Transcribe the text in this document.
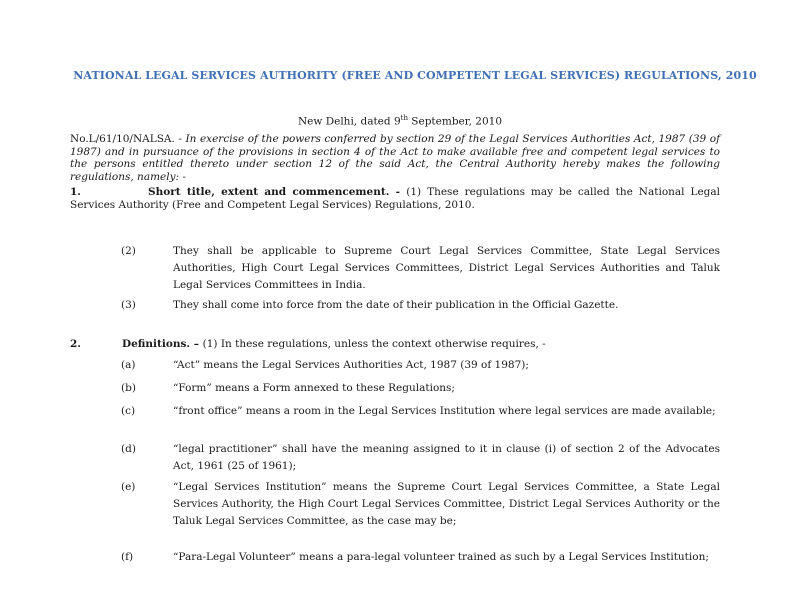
NATIONAL LEGAL SERVICES AUTHORITY (FREE AND COMPETENT LEGAL SERVICES) REGULATIONS, 2010
New Delhi, dated 9th September, 2010
No.L/61/10/NALSA. - In exercise of the powers conferred by section 29 of the Legal Services Authorities Act, 1987 (39 of 1987) and in pursuance of the provisions in section 4 of the Act to make available free and competent legal services to the persons entitled thereto under section 12 of the said Act, the Central Authority hereby makes the following regulations, namely: -
1.	Short title, extent and commencement. - (1) These regulations may be called the National Legal Services Authority (Free and Competent Legal Services) Regulations, 2010.
(2)	They shall be applicable to Supreme Court Legal Services Committee, State Legal Services Authorities, High Court Legal Services Committees, District Legal Services Authorities and Taluk Legal Services Committees in India.
(3)	They shall come into force from the date of their publication in the Official Gazette.
2.	Definitions. – (1) In these regulations, unless the context otherwise requires, -
(a)	“Act” means the Legal Services Authorities Act, 1987 (39 of 1987);
(b)	“Form” means a Form annexed to these Regulations;
(c)	“front office” means a room in the Legal Services Institution where legal services are made available;
(d)	“legal practitioner” shall have the meaning assigned to it in clause (i) of section 2 of the Advocates Act, 1961 (25 of 1961);
(e)	“Legal Services Institution” means the Supreme Court Legal Services Committee, a State Legal Services Authority, the High Court Legal Services Committee, District Legal Services Authority or the Taluk Legal Services Committee, as the case may be;
(f)	“Para-Legal Volunteer” means a para-legal volunteer trained as such by a Legal Services Institution;
